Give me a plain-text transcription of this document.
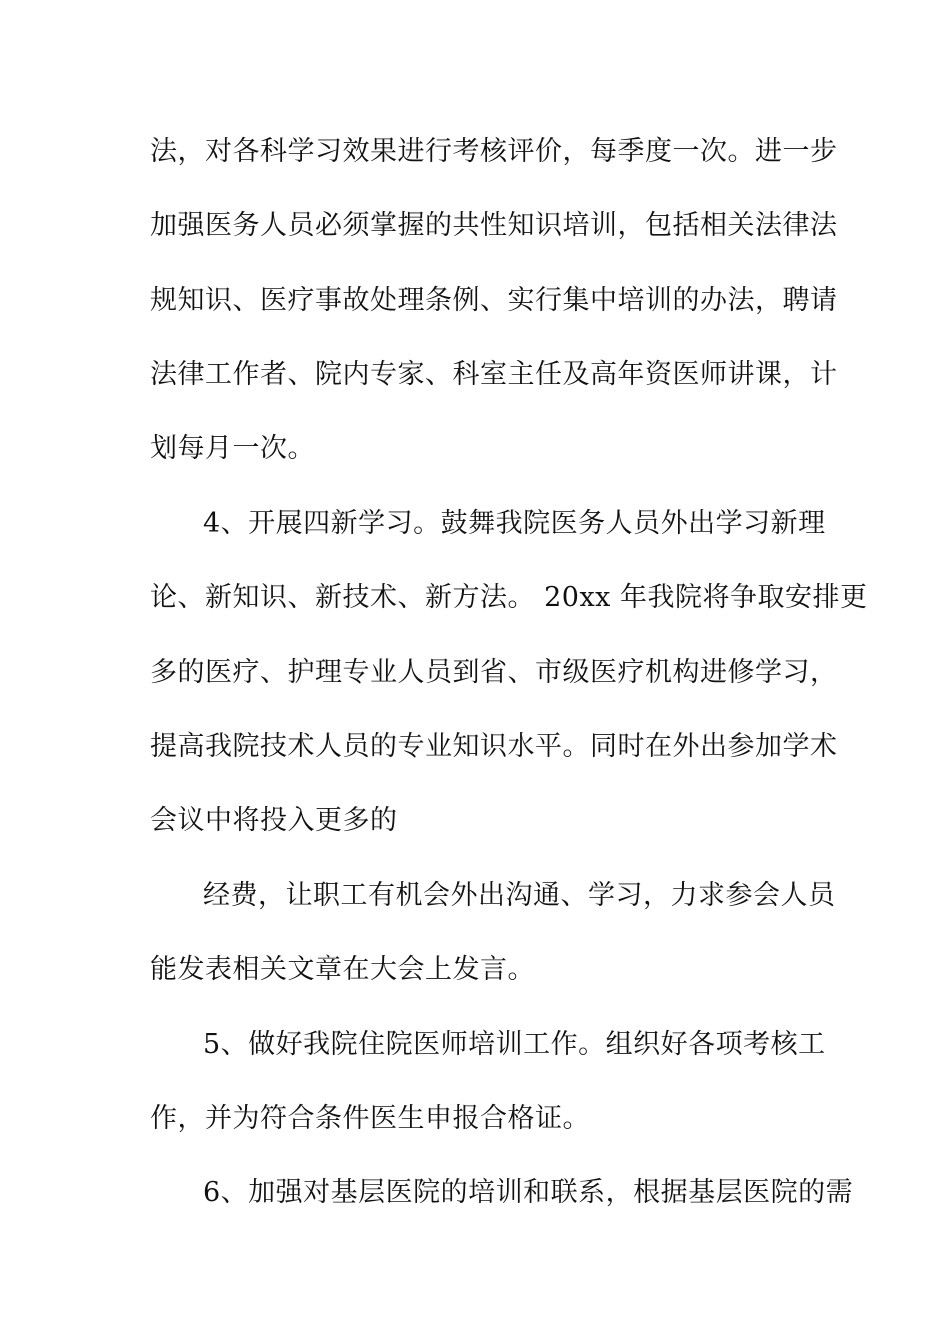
法，对各科学习效果进行考核评价，每季度一次。进一步
加强医务人员必须掌握的共性知识培训，包括相关法律法
规知识、医疗事故处理条例、实行集中培训的办法，聘请
法律工作者、院内专家、科室主任及高年资医师讲课，计
划每月一次。
4、开展四新学习。鼓舞我院医务人员外出学习新理
论、新知识、新技术、新方法。 20xx 年我院将争取安排更
多的医疗、护理专业人员到省、市级医疗机构进修学习，
提高我院技术人员的专业知识水平。同时在外出参加学术
会议中将投入更多的
经费，让职工有机会外出沟通、学习，力求参会人员
能发表相关文章在大会上发言。
5、做好我院住院医师培训工作。组织好各项考核工
作，并为符合条件医生申报合格证。
6、加强对基层医院的培训和联系，根据基层医院的需
